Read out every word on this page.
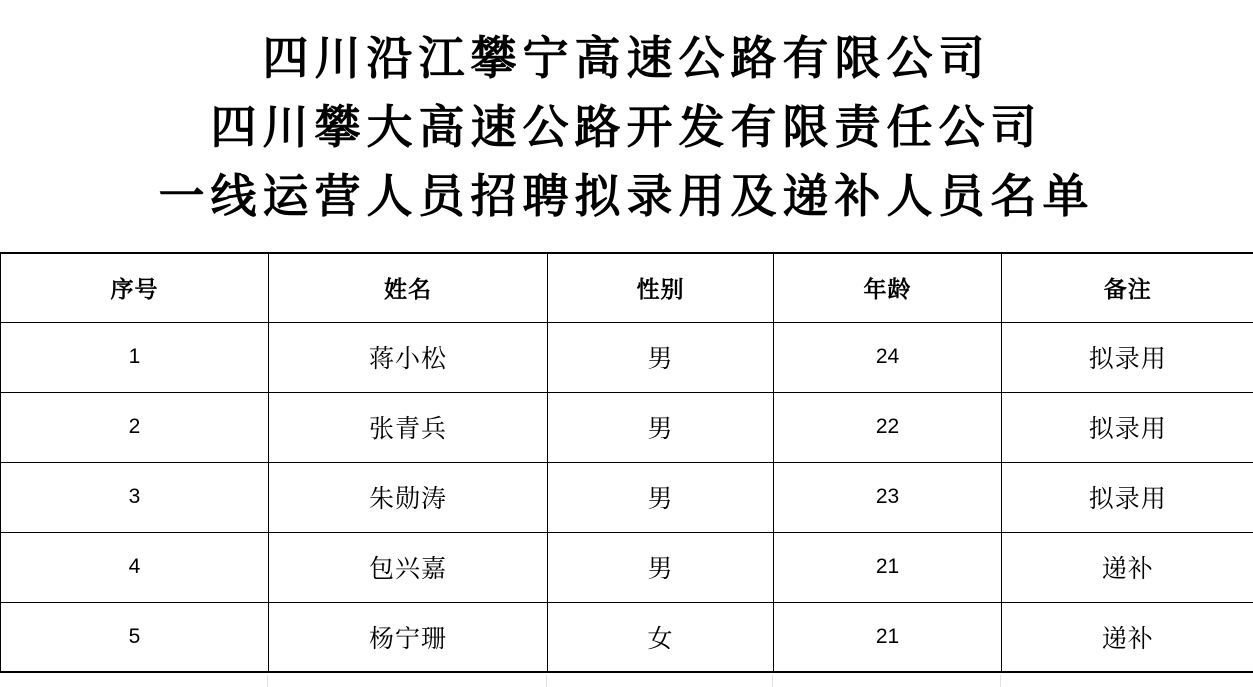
四川沿江攀宁高速公路有限公司
四川攀大高速公路开发有限责任公司
一线运营人员招聘拟录用及递补人员名单
序号	姓名	性别	年龄	备注
1	蒋小松	男	24	拟录用
2	张青兵	男	22	拟录用
3	朱勋涛	男	23	拟录用
4	包兴嘉	男	21	递补
5	杨宁珊	女	21	递补
